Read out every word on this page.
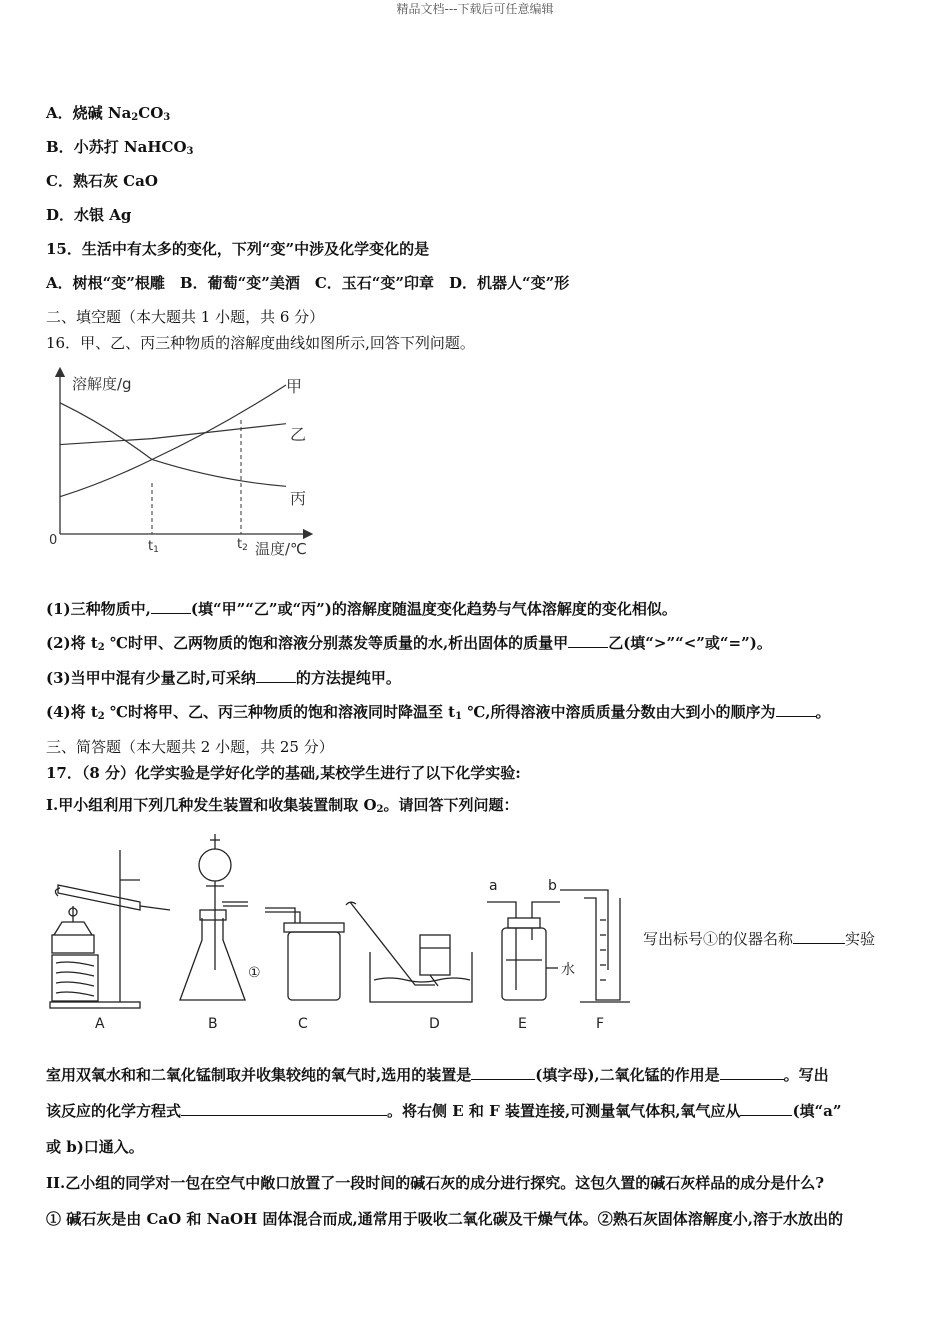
精品文档---下载后可任意编辑
A．烧碱 $Na_2CO_3$
B．小苏打 NaHCO$_3$
C．熟石灰 CaO
D．水银 Ag
15．生活中有太多的变化，下列“变”中涉及化学变化的是
A．树根“变”根雕　B．葡萄“变”美酒　C．玉石“变”印章　D．机器人“变”形
二、填空题（本大题共 1 小题，共 6 分）
16．甲、乙、丙三种物质的溶解度曲线如图所示,回答下列问题。
溶解度/g
温度/℃
0
甲
乙
丙
t1	t2
(1)三种物质中,	(填“甲”“乙”或“丙”)的溶解度随温度变化趋势与气体溶解度的变化相似。
(2)将 $t_2$ ℃时甲、乙两物质的饱和溶液分别蒸发等质量的水,析出固体的质量甲	乙(填“>”“<”或“=”)。
(3)当甲中混有少量乙时,可采纳	的方法提纯甲。
(4)将 $t_2$ ℃时将甲、乙、丙三种物质的饱和溶液同时降温至 $t_1$ ℃,所得溶液中溶质质量分数由大到小的顺序为	。
三、简答题（本大题共 2 小题，共 25 分）
17．（8 分）化学实验是学好化学的基础,某校学生进行了以下化学实验:
I.甲小组利用下列几种发生装置和收集装置制取 $O_2$。请回答下列问题：
A	B	C	D	E	F
①
a	b
水
写出标号①的仪器名称	实验

室用双氧水和和二氧化锰制取并收集较纯的氧气时,选用的装置是	(填字母),二氧化锰的作用是	。写出

该反应的化学方程式	。将右侧 E 和 F 装置连接,可测量氧气体积,氧气应从	(填“a”

或 b)口通入。

II.乙小组的同学对一包在空气中敞口放置了一段时间的碱石灰的成分进行探究。这包久置的碱石灰样品的成分是什么?

① 碱石灰是由 CaO 和 NaOH 固体混合而成,通常用于吸收二氧化碳及干燥气体。②熟石灰固体溶解度小,溶于水放出的
